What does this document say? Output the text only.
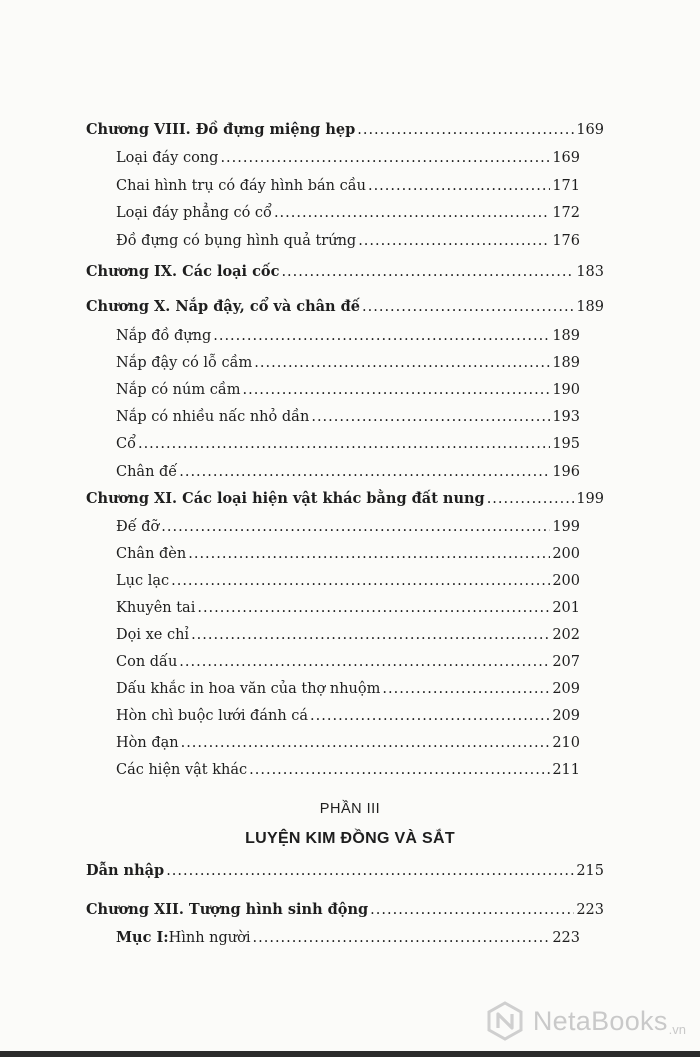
Chương VIII. Đồ đựng miệng hẹp .....	169
Loại đáy cong .....	169
Chai hình trụ có đáy hình bán cầu .....	171
Loại đáy phẳng có cổ .....	172
Đồ đựng có bụng hình quả trứng .....	176
Chương IX. Các loại cốc .....	183
Chương X. Nắp đậy, cổ và chân đế .....	189
Nắp đồ đựng .....	189
Nắp đậy có lỗ cầm .....	189
Nắp có núm cầm .....	190
Nắp có nhiều nấc nhỏ dần .....	193
Cổ .....	195
Chân đế .....	196
Chương XI. Các loại hiện vật khác bằng đất nung .....	199
Đế đỡ .....	199
Chân đèn .....	200
Lục lạc .....	200
Khuyên tai .....	201
Dọi xe chỉ .....	202
Con dấu .....	207
Dấu khắc in hoa văn của thợ nhuộm .....	209
Hòn chì buộc lưới đánh cá .....	209
Hòn đạn .....	210
Các hiện vật khác .....	211
PHẦN III
LUYỆN KIM ĐỒNG VÀ SẮT
Dẫn nhập .....	215
Chương XII. Tượng hình sinh động .....	223
Mục I: Hình người .....	223
NetaBooks .vn
